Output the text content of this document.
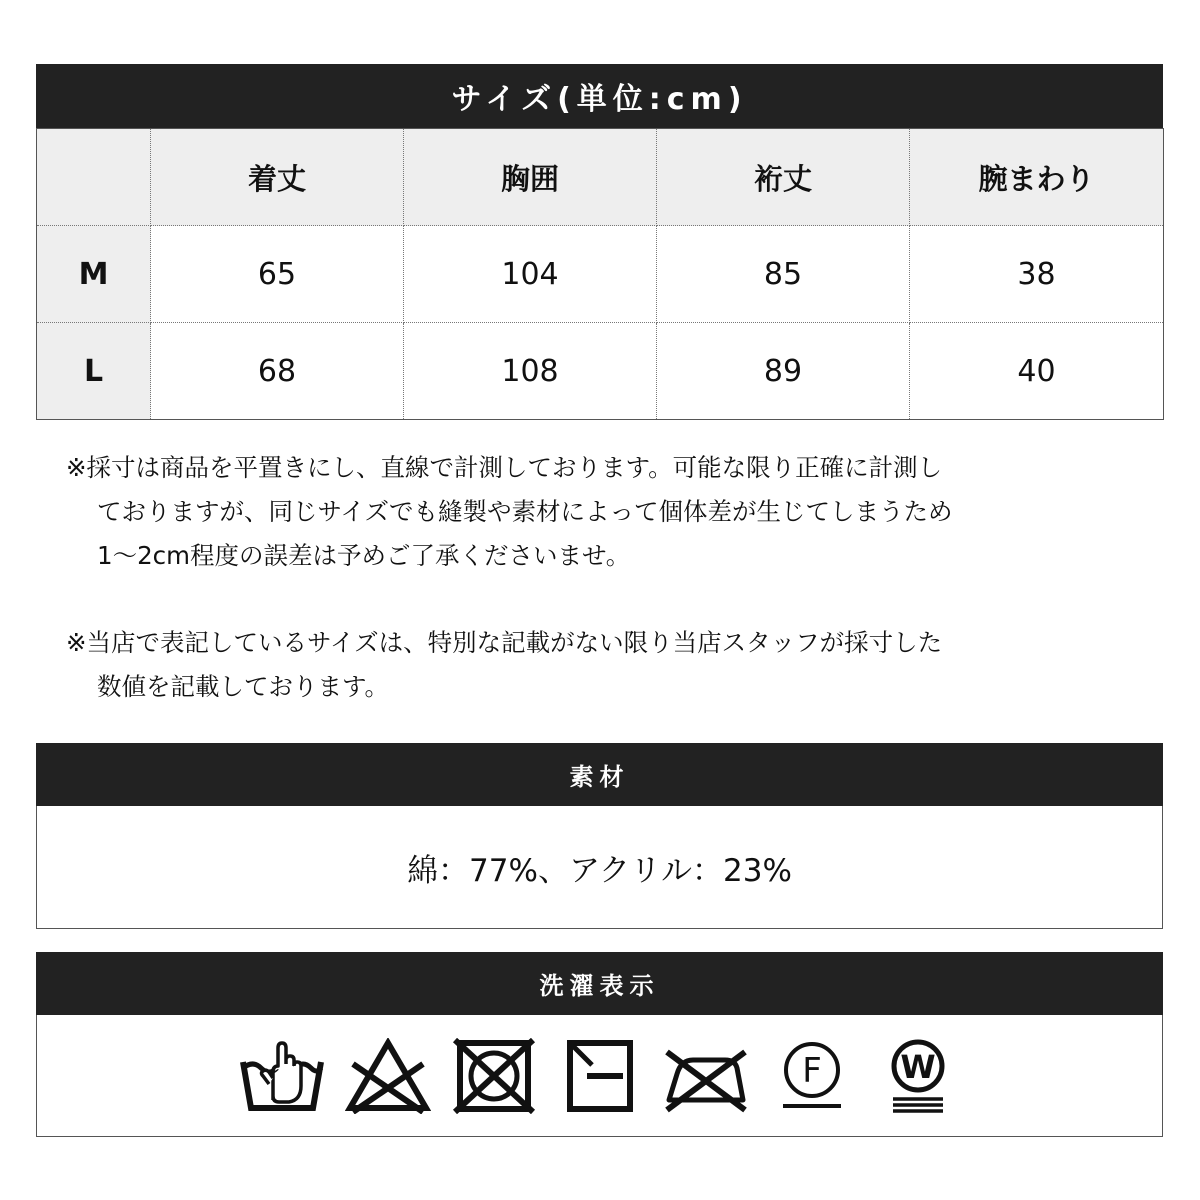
サイズ(単位:cm)
	着丈	胸囲	裄丈	腕まわり
M	65	104	85	38
L	68	108	89	40
※採寸は商品を平置きにし、直線で計測しております。可能な限り正確に計測し
ておりますが、同じサイズでも縫製や素材によって個体差が生じてしまうため
1～2cm程度の誤差は予めご了承くださいませ。
※当店で表記しているサイズは、特別な記載がない限り当店スタッフが採寸した
数値を記載しております。
素材
綿：77%、アクリル：23%
洗濯表示
F W
